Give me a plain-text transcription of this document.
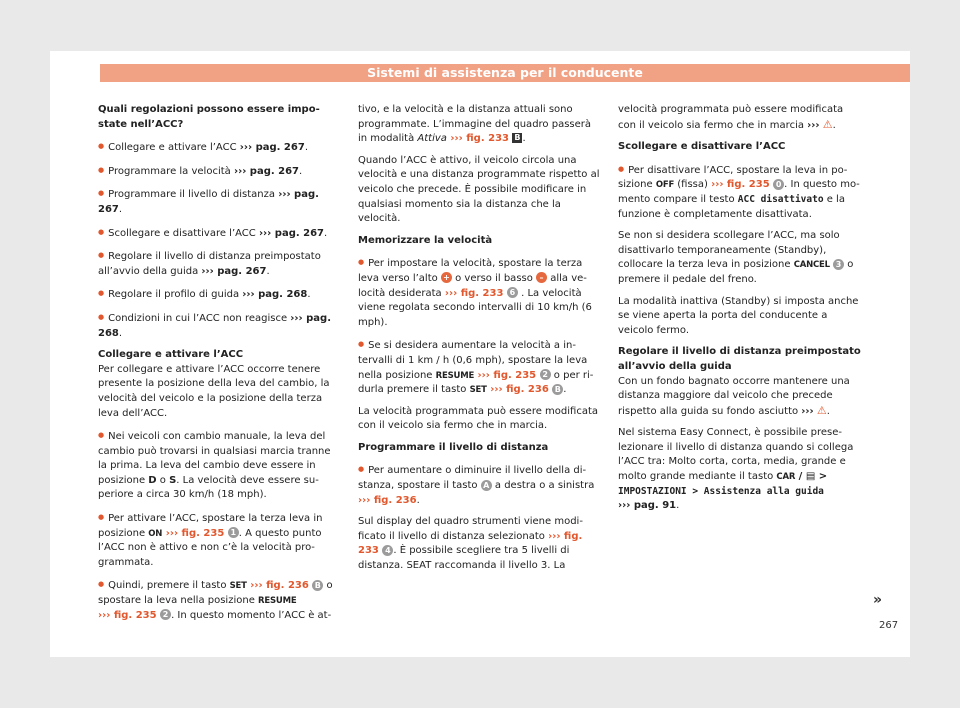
Sistemi di assistenza per il conducente

Quali regolazioni possono essere impostate nell’ACC?

● Collegare e attivare l’ACC ››› pag. 267.

● Programmare la velocità ››› pag. 267.

● Programmare il livello di distanza ››› pag. 267.

● Scollegare e disattivare l’ACC ››› pag. 267.

● Regolare il livello di distanza preimpostato all’avvio della guida ››› pag. 267.

● Regolare il profilo di guida ››› pag. 268.

● Condizioni in cui l’ACC non reagisce ››› pag. 268.

Collegare e attivare l’ACC

Per collegare e attivare l’ACC occorre tenere presente la posizione della leva del cambio, la velocità del veicolo e la posizione della terza leva dell’ACC.

● Nei veicoli con cambio manuale, la leva del cambio può trovarsi in qualsiasi marcia tranne la prima. La leva del cambio deve essere in posizione D o S. La velocità deve essere superiore a circa 30 km/h (18 mph).

● Per attivare l’ACC, spostare la terza leva in posizione ON ››› fig. 235 1 . A questo punto l’ACC non è attivo e non c’è la velocità programmata.

● Quindi, premere il tasto SET ››› fig. 236 B o spostare la leva nella posizione RESUME
››› fig. 235 2 . In questo momento l’ACC è at-

tivo, e la velocità e la distanza attuali sono programmate. L’immagine del quadro passerà in modalità Attiva ››› fig. 233 B .

Quando l’ACC è attivo, il veicolo circola una velocità e una distanza programmate rispetto al veicolo che precede. È possibile modificare in qualsiasi momento sia la distanza che la velocità.

Memorizzare la velocità

● Per impostare la velocità, spostare la terza leva verso l’alto + o verso il basso – alla velocità desiderata ››› fig. 233 6 . La velocità viene regolata secondo intervalli di 10 km/h (6 mph).

● Se si desidera aumentare la velocità a intervalli di 1 km / h (0,6 mph), spostare la leva nella posizione RESUME ››› fig. 235 2 o per ridurla premere il tasto SET ››› fig. 236 B .

La velocità programmata può essere modificata con il veicolo sia fermo che in marcia.

Programmare il livello di distanza

● Per aumentare o diminuire il livello della distanza, spostare il tasto A a destra o a sinistra ››› fig. 236.

Sul display del quadro strumenti viene modificato il livello di distanza selezionato ››› fig. 233 4 . È possibile scegliere tra 5 livelli di distanza. SEAT raccomanda il livello 3. La

velocità programmata può essere modificata con il veicolo sia fermo che in marcia ››› ⚠.

Scollegare e disattivare l’ACC

● Per disattivare l’ACC, spostare la leva in posizione OFF (fissa) ››› fig. 235 0 . In questo momento compare il testo ACC disattivato e la funzione è completamente disattivata.

Se non si desidera scollegare l’ACC, ma solo disattivarlo temporaneamente (Standby), collocare la terza leva in posizione CANCEL 3 o premere il pedale del freno.

La modalità inattiva (Standby) si imposta anche se viene aperta la porta del conducente a veicolo fermo.

Regolare il livello di distanza preimpostato all’avvio della guida

Con un fondo bagnato occorre mantenere una distanza maggiore dal veicolo che precede rispetto alla guida su fondo asciutto ››› ⚠.

Nel sistema Easy Connect, è possibile preselezionare il livello di distanza quando si collega l’ACC tra: Molto corta, corta, media, grande e molto grande mediante il tasto CAR / ▤ >
IMPOSTAZIONI > Assistenza alla guida
››› pag. 91.

»
267
